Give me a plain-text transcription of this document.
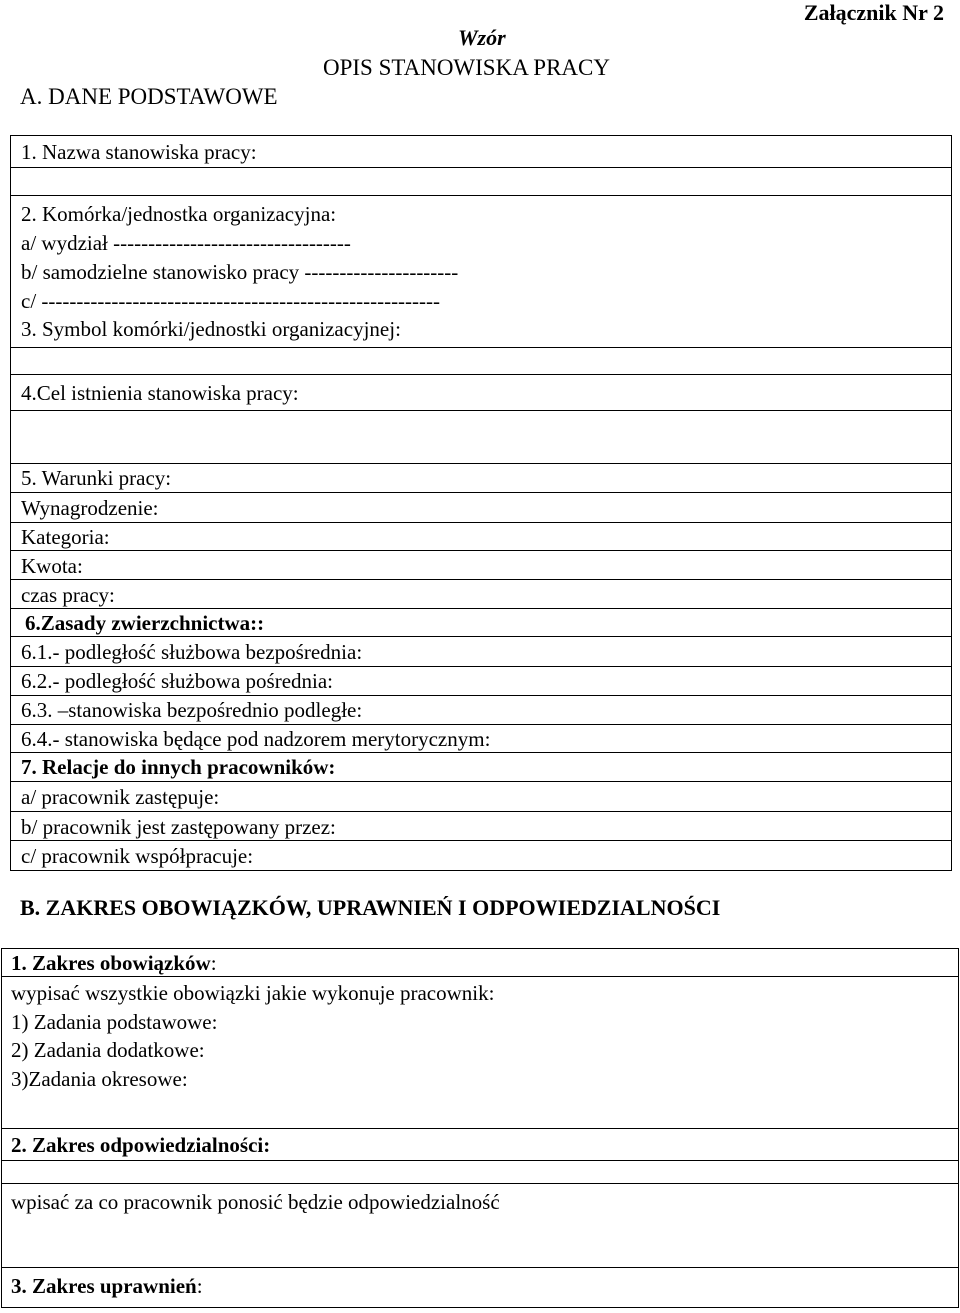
Załącznik Nr 2
Wzór
OPIS STANOWISKA PRACY
A. DANE PODSTAWOWE
1. Nazwa stanowiska pracy:

2. Komórka/jednostka organizacyjna:
a/ wydział ----------------------------------
b/ samodzielne stanowisko pracy ----------------------
c/ ---------------------------------------------------------
3. Symbol komórki/jednostki organizacyjnej:

4.Cel istnienia stanowiska pracy:

5. Warunki pracy:

Wynagrodzenie:

Kategoria:

Kwota:

czas pracy:

6.Zasady zwierzchnictwa::

6.1.- podległość służbowa bezpośrednia:

6.2.- podległość służbowa pośrednia:

6.3. –stanowiska bezpośrednio podległe:

6.4.- stanowiska będące pod nadzorem merytorycznym:

7. Relacje do innych pracowników:

a/ pracownik zastępuje:

b/ pracownik jest zastępowany przez:

c/ pracownik współpracuje:
B. ZAKRES OBOWIĄZKÓW, UPRAWNIEŃ I ODPOWIEDZIALNOŚCI
1. Zakres obowiązków:

wypisać wszystkie obowiązki jakie wykonuje pracownik:
1) Zadania podstawowe:
2) Zadania dodatkowe:
3)Zadania okresowe:

2. Zakres odpowiedzialności:

wpisać za co pracownik ponosić będzie odpowiedzialność

3. Zakres uprawnień:
